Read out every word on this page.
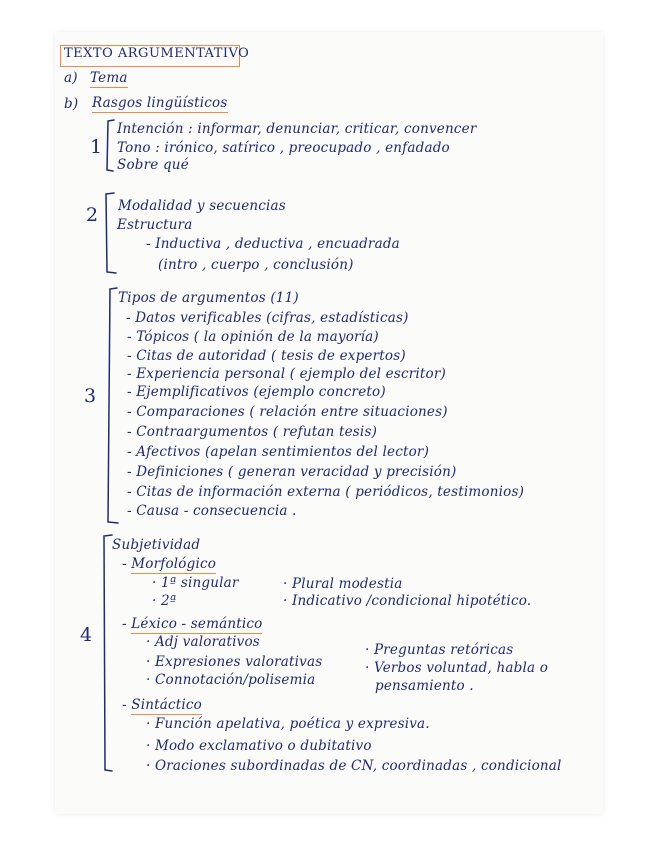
TEXTO ARGUMENTATIVO
a) Tema
b) Rasgos lingüísticos
1
Intención : informar, denunciar, criticar, convencer
Tono : irónico, satírico , preocupado , enfadado
Sobre qué
2 Modalidad y secuencias
Estructura
- Inductiva , deductiva , encuadrada
(intro , cuerpo , conclusión)
3
Tipos de argumentos (11)
- Datos verificables (cifras, estadísticas)
- Tópicos ( la opinión de la mayoría)
- Citas de autoridad ( tesis de expertos)
- Experiencia personal ( ejemplo del escritor)
- Ejemplificativos (ejemplo concreto)
- Comparaciones ( relación entre situaciones)
- Contraargumentos ( refutan tesis)
- Afectivos (apelan sentimientos del lector)
- Definiciones ( generan veracidad y precisión)
- Citas de información externa ( periódicos, testimonios)
- Causa - consecuencia .
4
Subjetividad
- Morfológico
· 1ª singular
· 2ª
· Plural modestia
· Indicativo /condicional hipotético.
- Léxico - semántico
· Adj valorativos
· Expresiones valorativas
· Connotación/polisemia
· Preguntas retóricas
· Verbos voluntad, habla o
pensamiento .
- Sintáctico
· Función apelativa, poética y expresiva.
· Modo exclamativo o dubitativo
· Oraciones subordinadas de CN, coordinadas , condicional
